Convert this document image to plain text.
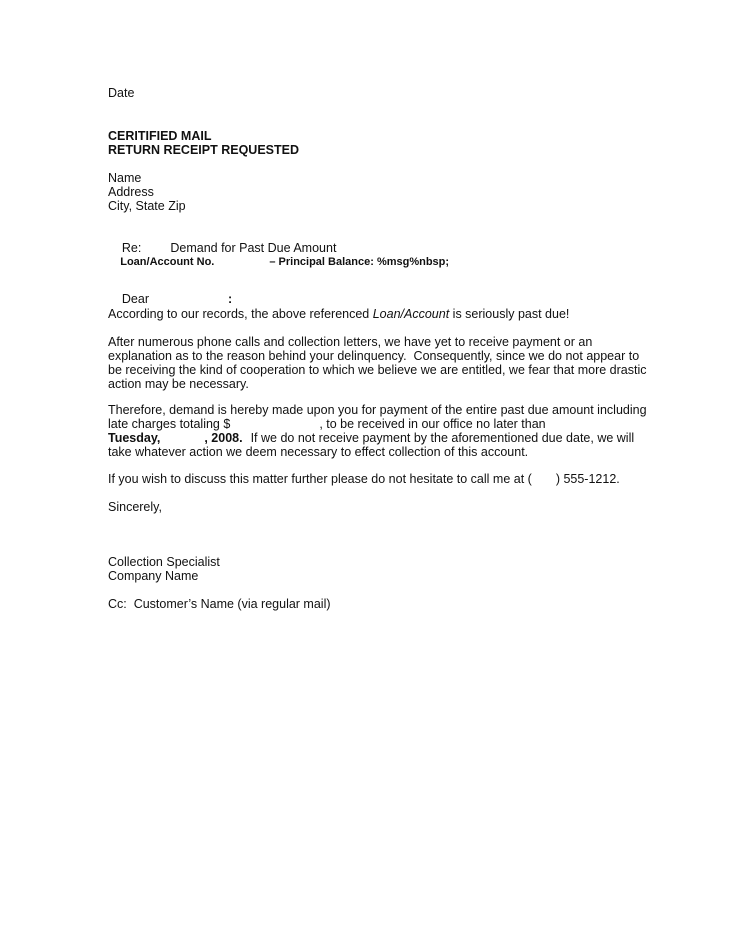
Date
CERITIFIED MAIL
RETURN RECEIPT REQUESTED
Name
Address
City, State Zip

Re: Demand for Past Due Amount

Loan/Account No.	– Principal Balance: %msg%nbsp;

Dear	:

According to our records, the above referenced Loan/Account is seriously past due!
After numerous phone calls and collection letters, we have yet to receive payment or an
explanation as to the reason behind your delinquency.  Consequently, since we do not appear to
be receiving the kind of cooperation to which we believe we are entitled, we fear that more drastic
action may be necessary.
Therefore, demand is hereby made upon you for payment of the entire past due amount including
late charges totaling $	, to be received in our office no later than
Tuesday,	, 2008. If we do not receive payment by the aforementioned due date, we will
take whatever action we deem necessary to effect collection of this account.
If you wish to discuss this matter further please do not hesitate to call me at ( ) 555-1212.
Sincerely,
Collection Specialist
Company Name
Cc:  Customer’s Name (via regular mail)
